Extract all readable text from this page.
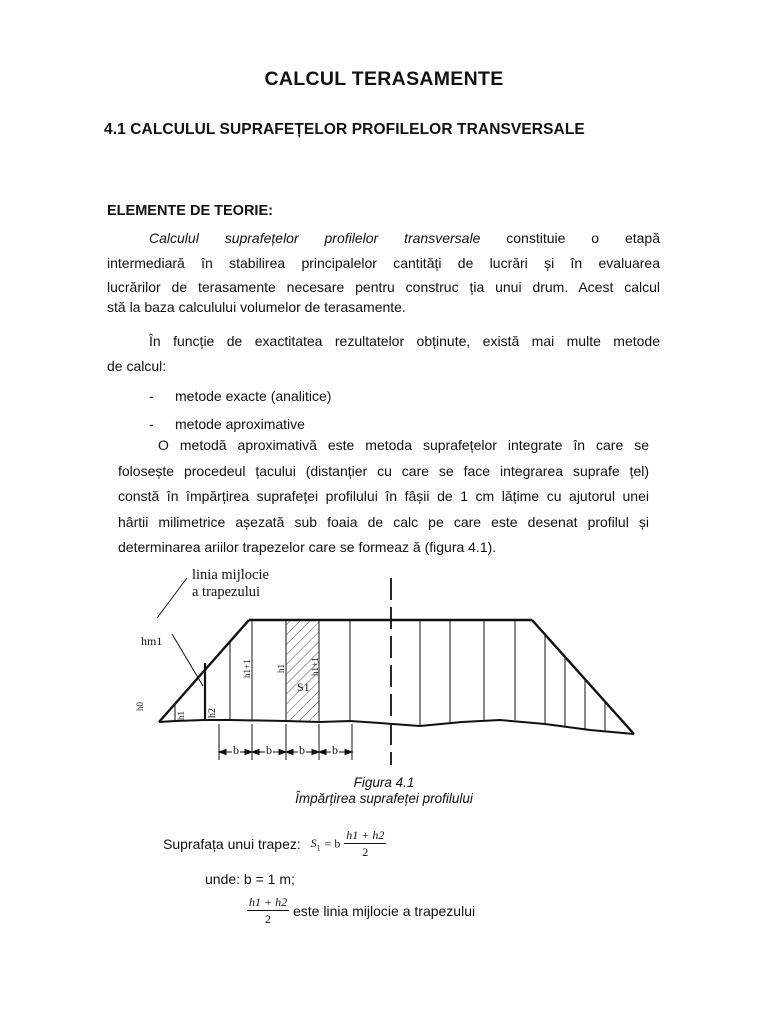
CALCUL TERASAMENTE
4.1 CALCULUL SUPRAFEȚELOR PROFILELOR TRANSVERSALE
ELEMENTE DE TEORIE:
Calculul suprafețelor profilelor transversale constituie o etapă
intermediară în stabilirea principalelor cantități de lucrări și în evaluarea
lucrărilor de terasamente necesare pentru construc ția unui drum. Acest calcul
stă la baza calculului volumelor de terasamente.
În funcție de exactitatea rezultatelor obținute, există mai multe metode
de calcul:
- metode exacte (analitice)
- metode aproximative
O metodă aproximativă este metoda suprafețelor integrate în care se
folosește procedeul țacului (distanțier cu care se face integrarea suprafe țel)
constă în împărțirea suprafeței profilului în fâșii de 1 cm lățime cu ajutorul unei
hârtii milimetrice așezată sub foaia de calc pe care este desenat profilul și
determinarea ariilor trapezelor care se formeaz ă (figura 4.1).
linia mijlocie
a trapezului
hm1
h0
h1 h2
h1+1	h1	h1+1
S1
b b b b
Figura 4.1
Împărțirea suprafeței profilului
Suprafața unui trapez: $S_1 = b \frac{h1 + h2}{2}$
unde: b = 1 m;
$\frac{h1 + h2}{2}$ este linia mijlocie a trapezului
